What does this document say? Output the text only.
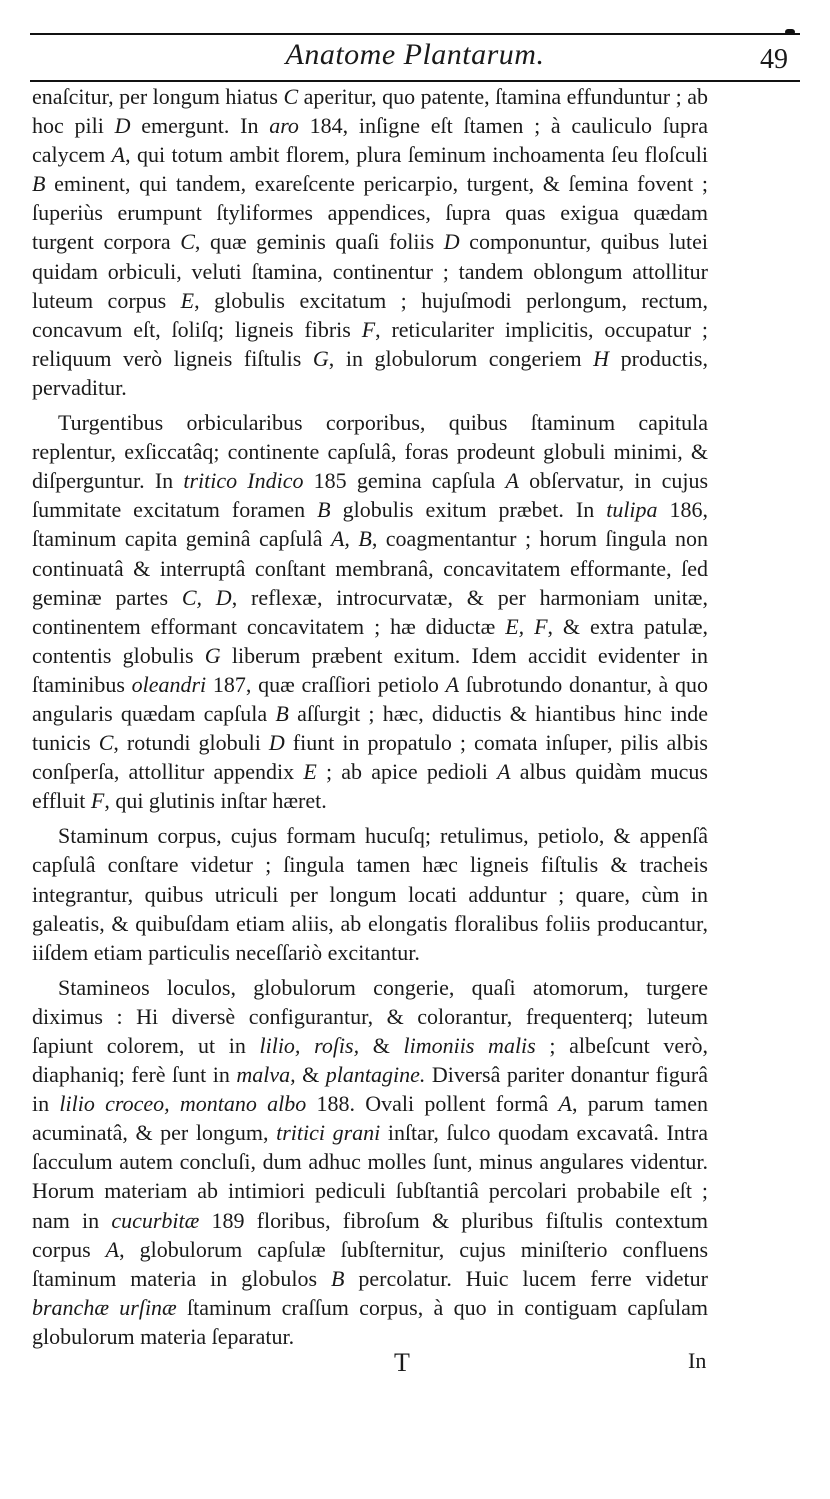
Anatome Plantarum.	49

enaſcitur, per longum hiatus C aperitur, quo patente, ſtamina effunduntur ; ab hoc pili D emergunt. In aro 184, inſigne eſt ſtamen ; à cauliculo ſupra calycem A, qui totum ambit florem, plura ſeminum inchoamenta ſeu floſculi B eminent, qui tandem, exareſcente pericarpio, turgent, & ſemina fovent ; ſuperiùs erumpunt ſtyliformes appendices, ſupra quas exigua quædam turgent corpora C, quæ geminis quaſi foliis D componuntur, quibus lutei quidam orbiculi, veluti ſtamina, continentur ; tandem oblongum attollitur luteum corpus E, globulis excitatum ; hujuſmodi perlongum, rectum, concavum eſt, ſoliſq; ligneis fibris F, reticulariter implicitis, occupatur ; reliquum verò ligneis fiſtulis G, in globulorum congeriem H productis, pervaditur.

Turgentibus orbicularibus corporibus, quibus ſtaminum capitula replentur, exſiccatâq; continente capſulâ, foras prodeunt globuli minimi, & diſperguntur. In tritico Indico 185 gemina capſula A obſervatur, in cujus ſummitate excitatum foramen B globulis exitum præbet. In tulipa 186, ſtaminum capita geminâ capſulâ A, B, coagmentantur ; horum ſingula non continuatâ & interruptâ conſtant membranâ, concavitatem efformante, ſed geminæ partes C, D, reflexæ, introcurvatæ, & per harmoniam unitæ, continentem efformant concavitatem ; hæ diductæ E, F, & extra patulæ, contentis globulis G liberum præbent exitum. Idem accidit evidenter in ſtaminibus oleandri 187, quæ craſſiori petiolo A ſubrotundo donantur, à quo angularis quædam capſula B aſſurgit ; hæc, diductis & hiantibus hinc inde tunicis C, rotundi globuli D fiunt in propatulo ; comata inſuper, pilis albis conſperſa, attollitur appendix E ; ab apice pedioli A albus quidàm mucus effluit F, qui glutinis inſtar hæret.

Staminum corpus, cujus formam hucuſq; retulimus, petiolo, & appenſâ capſulâ conſtare videtur ; ſingula tamen hæc ligneis fiſtulis & tracheis integrantur, quibus utriculi per longum locati adduntur ; quare, cùm in galeatis, & quibuſdam etiam aliis, ab elongatis floralibus foliis producantur, iiſdem etiam particulis neceſſariò excitantur.

Stamineos loculos, globulorum congerie, quaſi atomorum, turgere diximus : Hi diversè configurantur, & colorantur, frequenterq; luteum ſapiunt colorem, ut in lilio, roſis, & limoniis malis ; albeſcunt verò, diaphaniq; ferè ſunt in malva, & plantagine. Diversâ pariter donantur figurâ in lilio croceo, montano albo 188. Ovali pollent formâ A, parum tamen acuminatâ, & per longum, tritici grani inſtar, ſulco quodam excavatâ. Intra ſacculum autem concluſi, dum adhuc molles ſunt, minus angulares videntur. Horum materiam ab intimiori pediculi ſubſtantiâ percolari probabile eſt ; nam in cucurbitæ 189 floribus, fibroſum & pluribus fiſtulis contextum corpus A, globulorum capſulæ ſubſternitur, cujus miniſterio confluens ſtaminum materia in globulos B percolatur. Huic lucem ferre videtur branchæ urſinæ ſtaminum craſſum corpus, à quo in contiguam capſulam globulorum materia ſeparatur.

T	In
